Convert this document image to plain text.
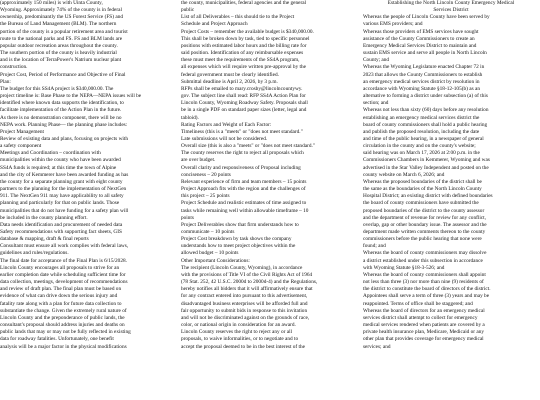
(approximately 150 miles) is with Uinta County,

Wyoming. Approximately 74% of the county is in federal

ownership, predominantly the US Forest Service (FS) and

the Bureau of Land Management (BLM). The northern

portion of the county is a popular retirement area and tourist

route to the national parks and FS. FS and BLM lands are

popular outdoor recreation areas throughout the county.

The southern portion of the county is heavily industrial

and is the location of TerraPower's Natrium nuclear plant

construction.

Project Cost, Period of Performance and Objective of Final

Plan:

The budget for this SS4A project is $340,000.00. The

project timeline is: Base Phase to the NEPA—NEPA issues will be

identified where known data supports the identification, to

facilitate implementation of the Action Plan in the future.

As there is no demonstration component, there will be no

NEPA work. Planning Phase— the planning phase includes:

Project Management

Review of existing data and plans, focusing on projects with

a safety component

Meetings and Coordination – coordination with

municipalities within the county who have been awarded

SS4A funds is required; at this time the town of Alpine

and the city of Kemmerer have been awarded funding as has

the county for a separate planning grant with eight county

partners to the planning for the implementation of NextGen

911. The NextGen 911 may have applicability to all safety

planning and particularly for that on public lands. Those

municipalities that do not have funding for a safety plan will

be included in the county planning effort.

Data needs identification and procurement of needed data

Safety recommendations with supporting fact sheets, GIS

database & mapping, draft & final reports

Consultant must ensure all work complies with federal laws,

guidelines and rules/regulations.

The final date for acceptance of the Final Plan is 6/15/2028.

Lincoln County encourages all proposals to strive for an

earlier completion date while scheduling sufficient time for

data collection, meetings, development of recommendations

and review of draft plan. The final plan must be based on

evidence of what can drive down the serious injury and

fatality rate along with a plan for future data collection to

substantiate the change. Given the extremely rural nature of

Lincoln County and the preponderance of public lands, the

consultant's proposal should address injuries and deaths on

public lands that may or may not be fully reflected in existing

data for roadway fatalities. Unfortunately, one benefit

analysis will be a major factor in the physical modifications

the county, municipalities, federal agencies and the general

public

List of all Deliverables – this should tie to the Project

Schedule and Project Approach

Project Costs – remember the available budget is $340,000.00.

This shall be broken down by task, tied to specific personnel

positions with estimated labor hours and the billing rate for

said position. Identification of any reimbursable expenses

these must meet the requirements of the SS4A program,

all expenses which will require written pre-approval by the

federal government must be clearly identified.

Submittal deadline is April 2, 2026, by 3 p.m.

RFPs shall be emailed to mary.crosby@lincolncountywy.

gov. The subject line shall read: RFP SS4A Action Plan for

Lincoln County, Wyoming Roadway Safety. Proposals shall

be in a single PDF on standard paper sizes (letter, legal and

tabloid).

Rating Factors and Weight of Each Factor:

Timeliness (this is a "meets" or "does not meet standard."

Late submissions will not be considered.

Overall size (this is also a "meets" or "does not meet standard."

The county reserves the right to reject all proposals which

are over budget.

Overall clarity and responsiveness of Proposal including

conciseness – 20 points

Relevant experience of firm and team members – 15 points

Project Approach fits with the region and the challenges of

this project – 25 points

Project Schedule and realistic estimates of time assigned to

tasks while remaining well within allowable timeframe – 10

points

Project Deliverables show that firm understands how to

communicate – 10 points

Project Cost breakdown by task shows the company

understands how to meet project objectives within the

allowed budget – 10 points

Other Important Considerations:

The recipient (Lincoln County, Wyoming), in accordance

with the provisions of Title VI of the Civil Rights Act of 1964

(78 Stat. 252, 42 U.S.C. 2000d to 2000d-4) and the Regulations,

hereby notifies all bidders that it will affirmatively ensure that

for any contract entered into pursuant to this advertisement,

disadvantaged business enterprises will be afforded full and

fair opportunity to submit bids in response to this invitation

and will not be discriminated against on the grounds of race,

color, or national origin in consideration for an award.

Lincoln County reserves the right to reject any or all

proposals, to waive informalities, or to negotiate and to

accept the proposal deemed to be in the best interest of the

Establishing the North Lincoln County Emergency Medical

Services District

Whereas the people of Lincoln County have been served by

various EMS providers; and

Whereas those providers of EMS services have sought

assistance of the County Commissioners to create an

Emergency Medical Services District to maintain and

sustain EMS service and serve all people in North Lincoln

County; and

Whereas the Wyoming Legislature enacted Chapter 72 in

2023 that allows the County Commissioners to establish

an emergency medical services district by resolution in

accordance with Wyoming Statute §18-12-105(b) as an

alternative to forming a district under subsection (a) of this

section; and

Whereas not less than sixty (60) days before any resolution

establishing an emergency medical services district the

board of county commissioners shall hold a public hearing

and publish the proposed resolution, including the date

and time of the public hearing, in a newspaper of general

circulation in the county and on the county's website;

said hearing was on March 17, 2026 at 2:00 p.m. in the

Commissioners Chambers in Kemmerer, Wyoming and was

advertised in the Star Valley Independent and posted on the

county website on March 6, 2026; and

Whereas the proposed boundaries of the district shall be

the same as the boundaries of the North Lincoln County

Hospital District; an existing district with defined boundaries

the board of county commissioners have submitted the

proposed boundaries of the district to the county assessor

and the department of revenue for review for any conflict,

overlap, gap or other boundary issue. The assessor and the

department made written comments thereon to the county

commissioners before the public hearing that none were

found; and

Whereas the board of county commissioners may dissolve

a district established under this subsection in accordance

with Wyoming Statute §18-3-526; and

Whereas the board of county commissioners shall appoint

not less than three (3) nor more than nine (9) residents of

the district to constitute the board of directors of the district.

Appointees shall serve a term of three (3) years and may be

reappointed. Terms of office shall be staggered; and

Whereas the board of directors for an emergency medical

services district shall attempt to collect for emergency

medical services rendered when patients are covered by a

private health insurance plan, Medicare, Medicaid or any

other plan that provides coverage for emergency medical

services; and
